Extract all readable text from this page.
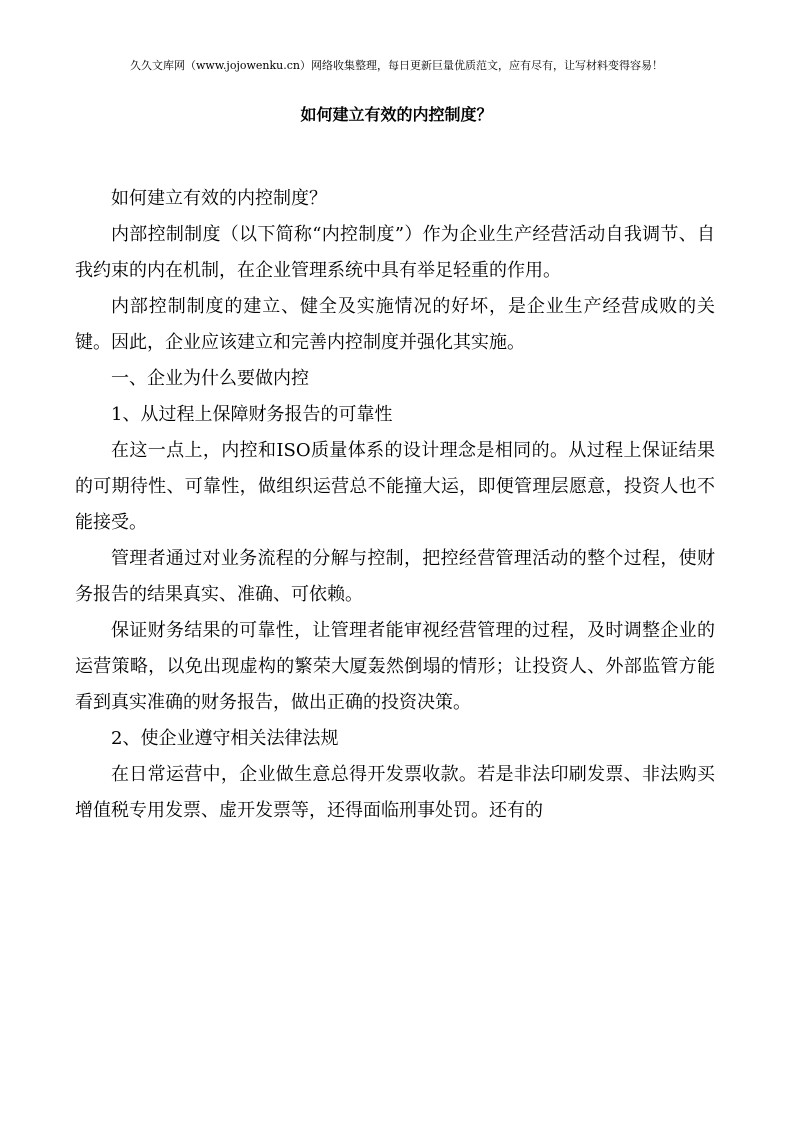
久久文库网（www.jojowenku.cn）网络收集整理，每日更新巨量优质范文，应有尽有，让写材料变得容易！
如何建立有效的内控制度？

如何建立有效的内控制度？

内部控制制度（以下简称“内控制度”）作为企业生产经营活动自我调节、自我约束的内在机制，在企业管理系统中具有举足轻重的作用。

内部控制制度的建立、健全及实施情况的好坏，是企业生产经营成败的关键。因此，企业应该建立和完善内控制度并强化其实施。

一、企业为什么要做内控

1、从过程上保障财务报告的可靠性

在这一点上，内控和ISO质量体系的设计理念是相同的。从过程上保证结果的可期待性、可靠性，做组织运营总不能撞大运，即便管理层愿意，投资人也不能接受。

管理者通过对业务流程的分解与控制，把控经营管理活动的整个过程，使财务报告的结果真实、准确、可依赖。

保证财务结果的可靠性，让管理者能审视经营管理的过程，及时调整企业的运营策略，以免出现虚构的繁荣大厦轰然倒塌的情形；让投资人、外部监管方能看到真实准确的财务报告，做出正确的投资决策。

2、使企业遵守相关法律法规

在日常运营中，企业做生意总得开发票收款。若是非法印刷发票、非法购买增值税专用发票、虚开发票等，还得面临刑事处罚。还有的
